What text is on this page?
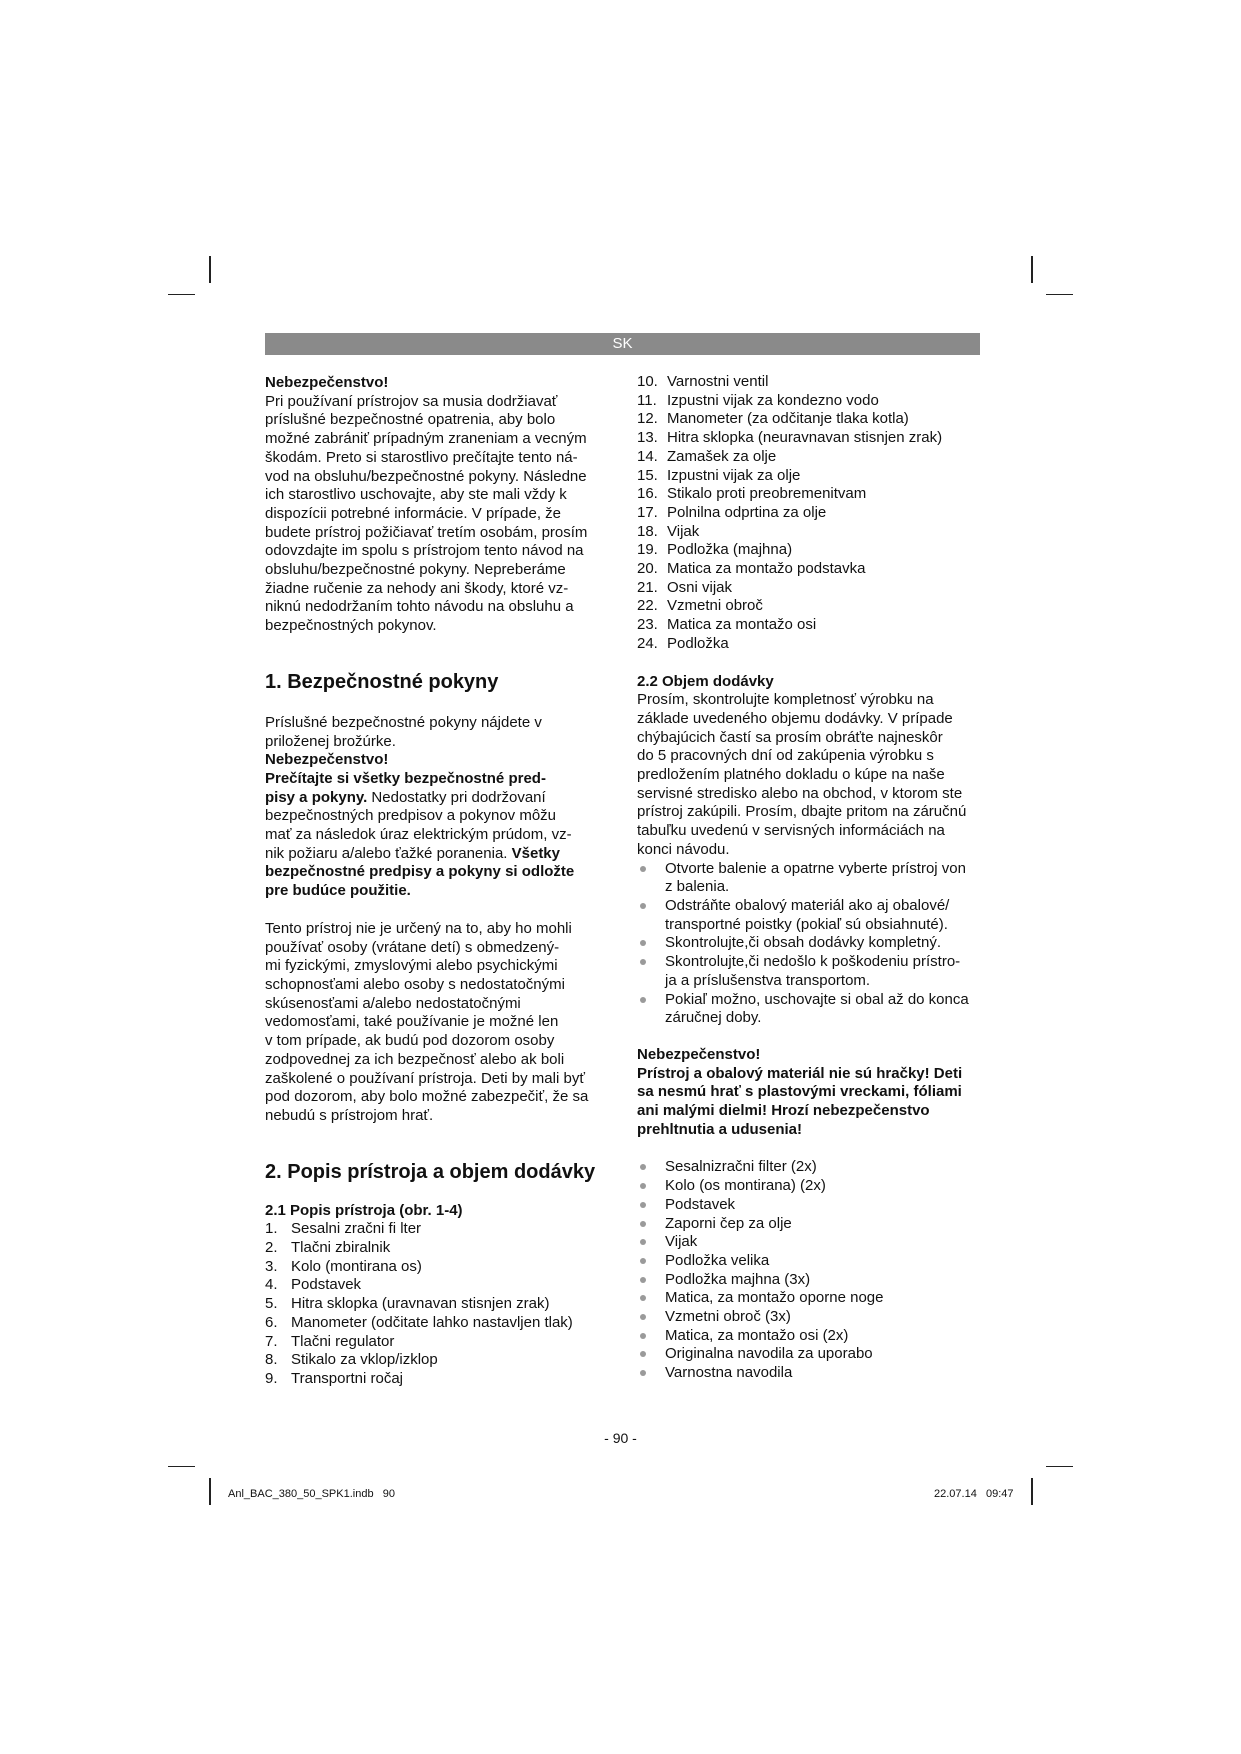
SK

Nebezpečenstvo!

Pri používaní prístrojov sa musia dodržiavať

príslušné bezpečnostné opatrenia, aby bolo

možné zabrániť prípadným zraneniam a vecným

škodám. Preto si starostlivo prečítajte tento ná-

vod na obsluhu/bezpečnostné pokyny. Následne

ich starostlivo uschovajte, aby ste mali vždy k

dispozícii potrebné informácie. V prípade, že

budete prístroj požičiavať tretím osobám, prosím

odovzdajte im spolu s prístrojom tento návod na

obsluhu/bezpečnostné pokyny. Nepreberáme

žiadne ručenie za nehody ani škody, ktoré vz-

niknú nedodržaním tohto návodu na obsluhu a

bezpečnostných pokynov.

1. Bezpečnostné pokyny

Príslušné bezpečnostné pokyny nájdete v

priloženej brožúrke.

Nebezpečenstvo!

Prečítajte si všetky bezpečnostné pred-

pisy a pokyny. Nedostatky pri dodržovaní

bezpečnostných predpisov a pokynov môžu

mať za následok úraz elektrickým prúdom, vz-

nik požiaru a/alebo ťažké poranenia. Všetky

bezpečnostné predpisy a pokyny si odložte

pre budúce použitie.

Tento prístroj nie je určený na to, aby ho mohli

používať osoby (vrátane detí) s obmedzený-

mi fyzickými, zmyslovými alebo psychickými

schopnosťami alebo osoby s nedostatočnými

skúsenosťami a/alebo nedostatočnými

vedomosťami, také používanie je možné len

v tom prípade, ak budú pod dozorom osoby

zodpovednej za ich bezpečnosť alebo ak boli

zaškolené o používaní prístroja. Deti by mali byť

pod dozorom, aby bolo možné zabezpečiť, že sa

nebudú s prístrojom hrať.

2. Popis prístroja a objem dodávky
2.1 Popis prístroja (obr. 1-4)
1. Sesalni zračni fi lter
2. Tlačni zbiralnik
3. Kolo (montirana os)
4. Podstavek
5. Hitra sklopka (uravnavan stisnjen zrak)
6. Manometer (odčitate lahko nastavljen tlak)
7. Tlačni regulator
8. Stikalo za vklop/izklop
9. Transportni ročaj
10. Varnostni ventil
11. Izpustni vijak za kondezno vodo
12. Manometer (za odčitanje tlaka kotla)
13. Hitra sklopka (neuravnavan stisnjen zrak)
14. Zamašek za olje
15. Izpustni vijak za olje
16. Stikalo proti preobremenitvam
17. Polnilna odprtina za olje
18. Vijak
19. Podložka (majhna)
20. Matica za montažo podstavka
21. Osni vijak
22. Vzmetni obroč
23. Matica za montažo osi
24. Podložka
2.2 Objem dodávky

Prosím, skontrolujte kompletnosť výrobku na

základe uvedeného objemu dodávky. V prípade

chýbajúcich častí sa prosím obráťte najneskôr

do 5 pracovných dní od zakúpenia výrobku s

predložením platného dokladu o kúpe na naše

servisné stredisko alebo na obchod, v ktorom ste

prístroj zakúpili. Prosím, dbajte pritom na záručnú

tabuľku uvedenú v servisných informáciách na

konci návodu.

Otvorte balenie a opatrne vyberte prístroj von
z balenia.
Odstráňte obalový materiál ako aj obalové/
transportné poistky (pokiaľ sú obsiahnuté).
Skontrolujte,či obsah dodávky kompletný.
Skontrolujte,či nedošlo k poškodeniu prístro-
ja a príslušenstva transportom.
Pokiaľ možno, uschovajte si obal až do konca
záručnej doby.

Nebezpečenstvo!

Prístroj a obalový materiál nie sú hračky! Deti

sa nesmú hrať s plastovými vreckami, fóliami

ani malými dielmi! Hrozí nebezpečenstvo

prehltnutia a udusenia!

Sesalnizračni filter (2x)
Kolo (os montirana) (2x)
Podstavek
Zaporni čep za olje
Vijak
Podložka velika
Podložka majhna (3x)
Matica, za montažo oporne noge
Vzmetni obroč (3x)
Matica, za montažo osi (2x)
Originalna navodila za uporabo
Varnostna navodila
- 90 -
Anl_BAC_380_50_SPK1.indb   90	22.07.14   09:47
